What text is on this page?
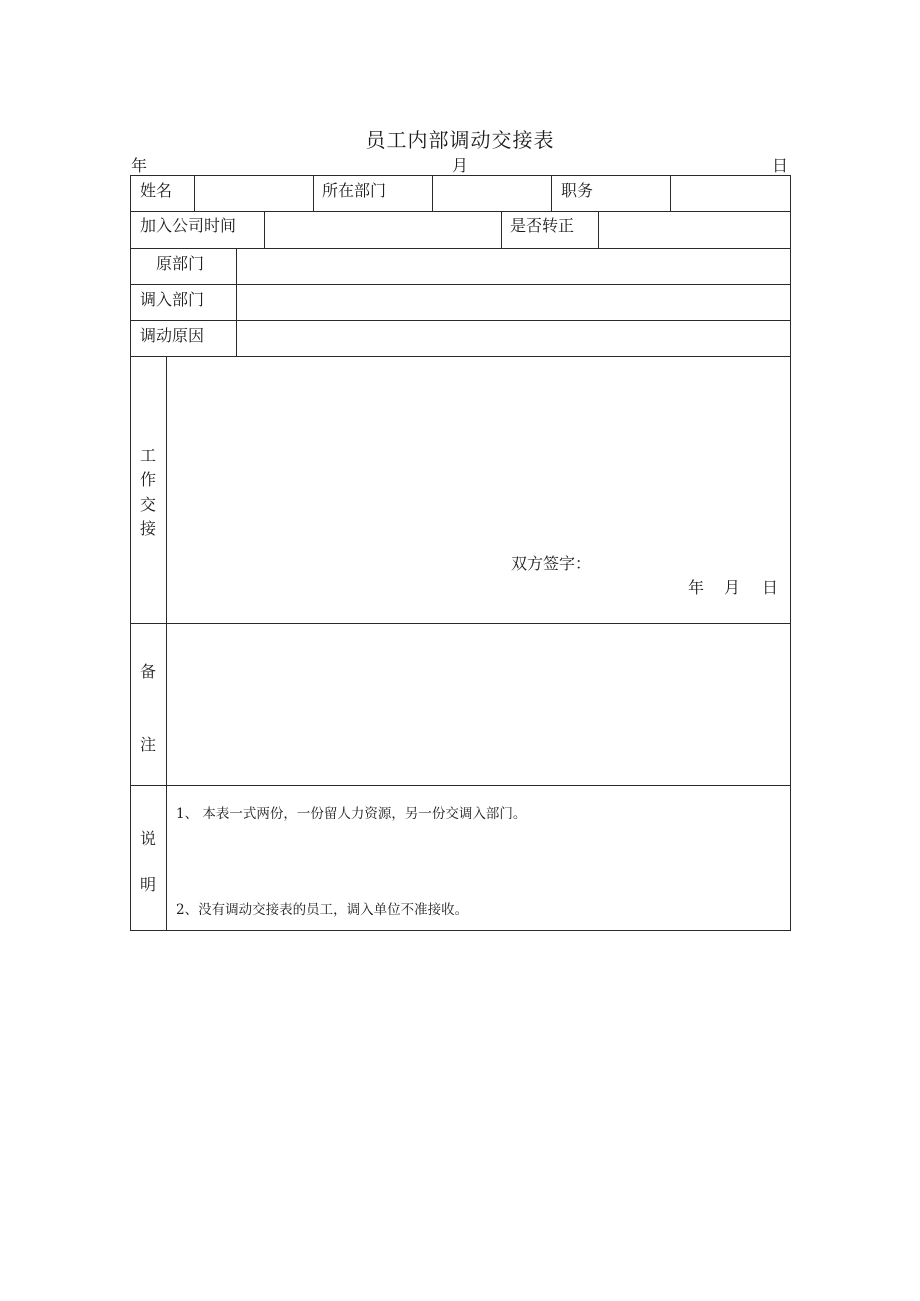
员工内部调动交接表
年	月	日
姓名	所在部门	职务
加入公司时间	是否转正
原部门
调入部门
调动原因
工
作
交
接
双方签字：
年 月 日
备
注
说
明
1、 本表一式两份，一份留人力资源，另一份交调入部门。
2、没有调动交接表的员工，调入单位不准接收。
